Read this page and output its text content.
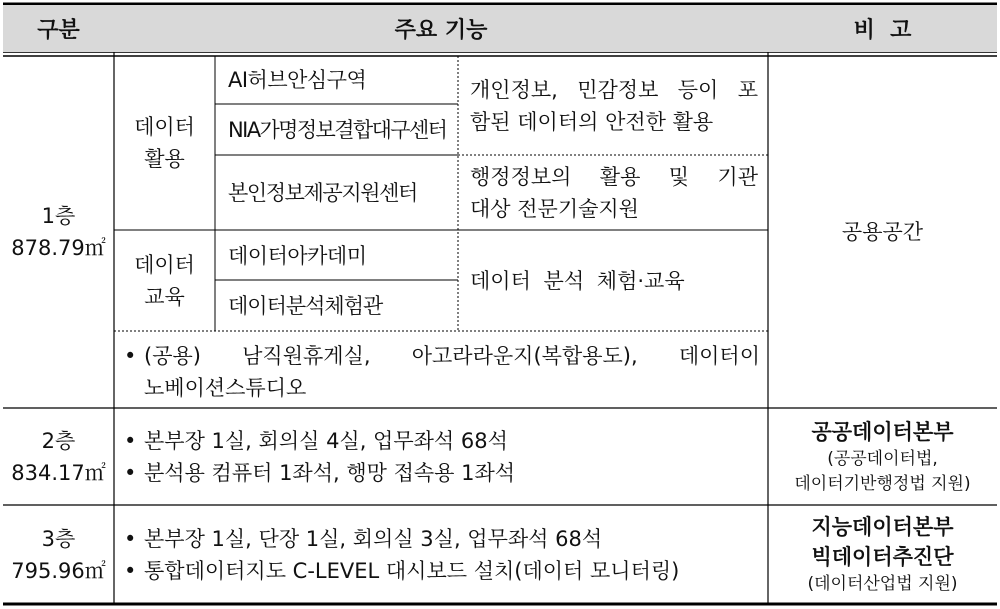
구분	주요 기능	비  고
1층
878.79㎡
데이터
활용
AI허브안심구역
NIA가명정보결합대구센터
본인정보제공지원센터
개인정보, 민감정보 등이 포
함된 데이터의 안전한 활용
행정정보의 활용 및 기관
대상 전문기술지원
데이터
교육
데이터아카데미
데이터분석체험관
데이터 분석 체험·교육
• (공용) 남직원휴게실, 아고라라운지(복합용도), 데이터이
노베이션스튜디오
공용공간
2층
834.17㎡
• 본부장 1실, 회의실 4실, 업무좌석 68석
• 분석용 컴퓨터 1좌석, 행망 접속용 1좌석
공공데이터본부
(공공데이터법,
데이터기반행정법 지원)
3층
795.96㎡
• 본부장 1실, 단장 1실, 회의실 3실, 업무좌석 68석
• 통합데이터지도 C-LEVEL 대시보드 설치(데이터 모니터링)
지능데이터본부
빅데이터추진단
(데이터산업법 지원)
